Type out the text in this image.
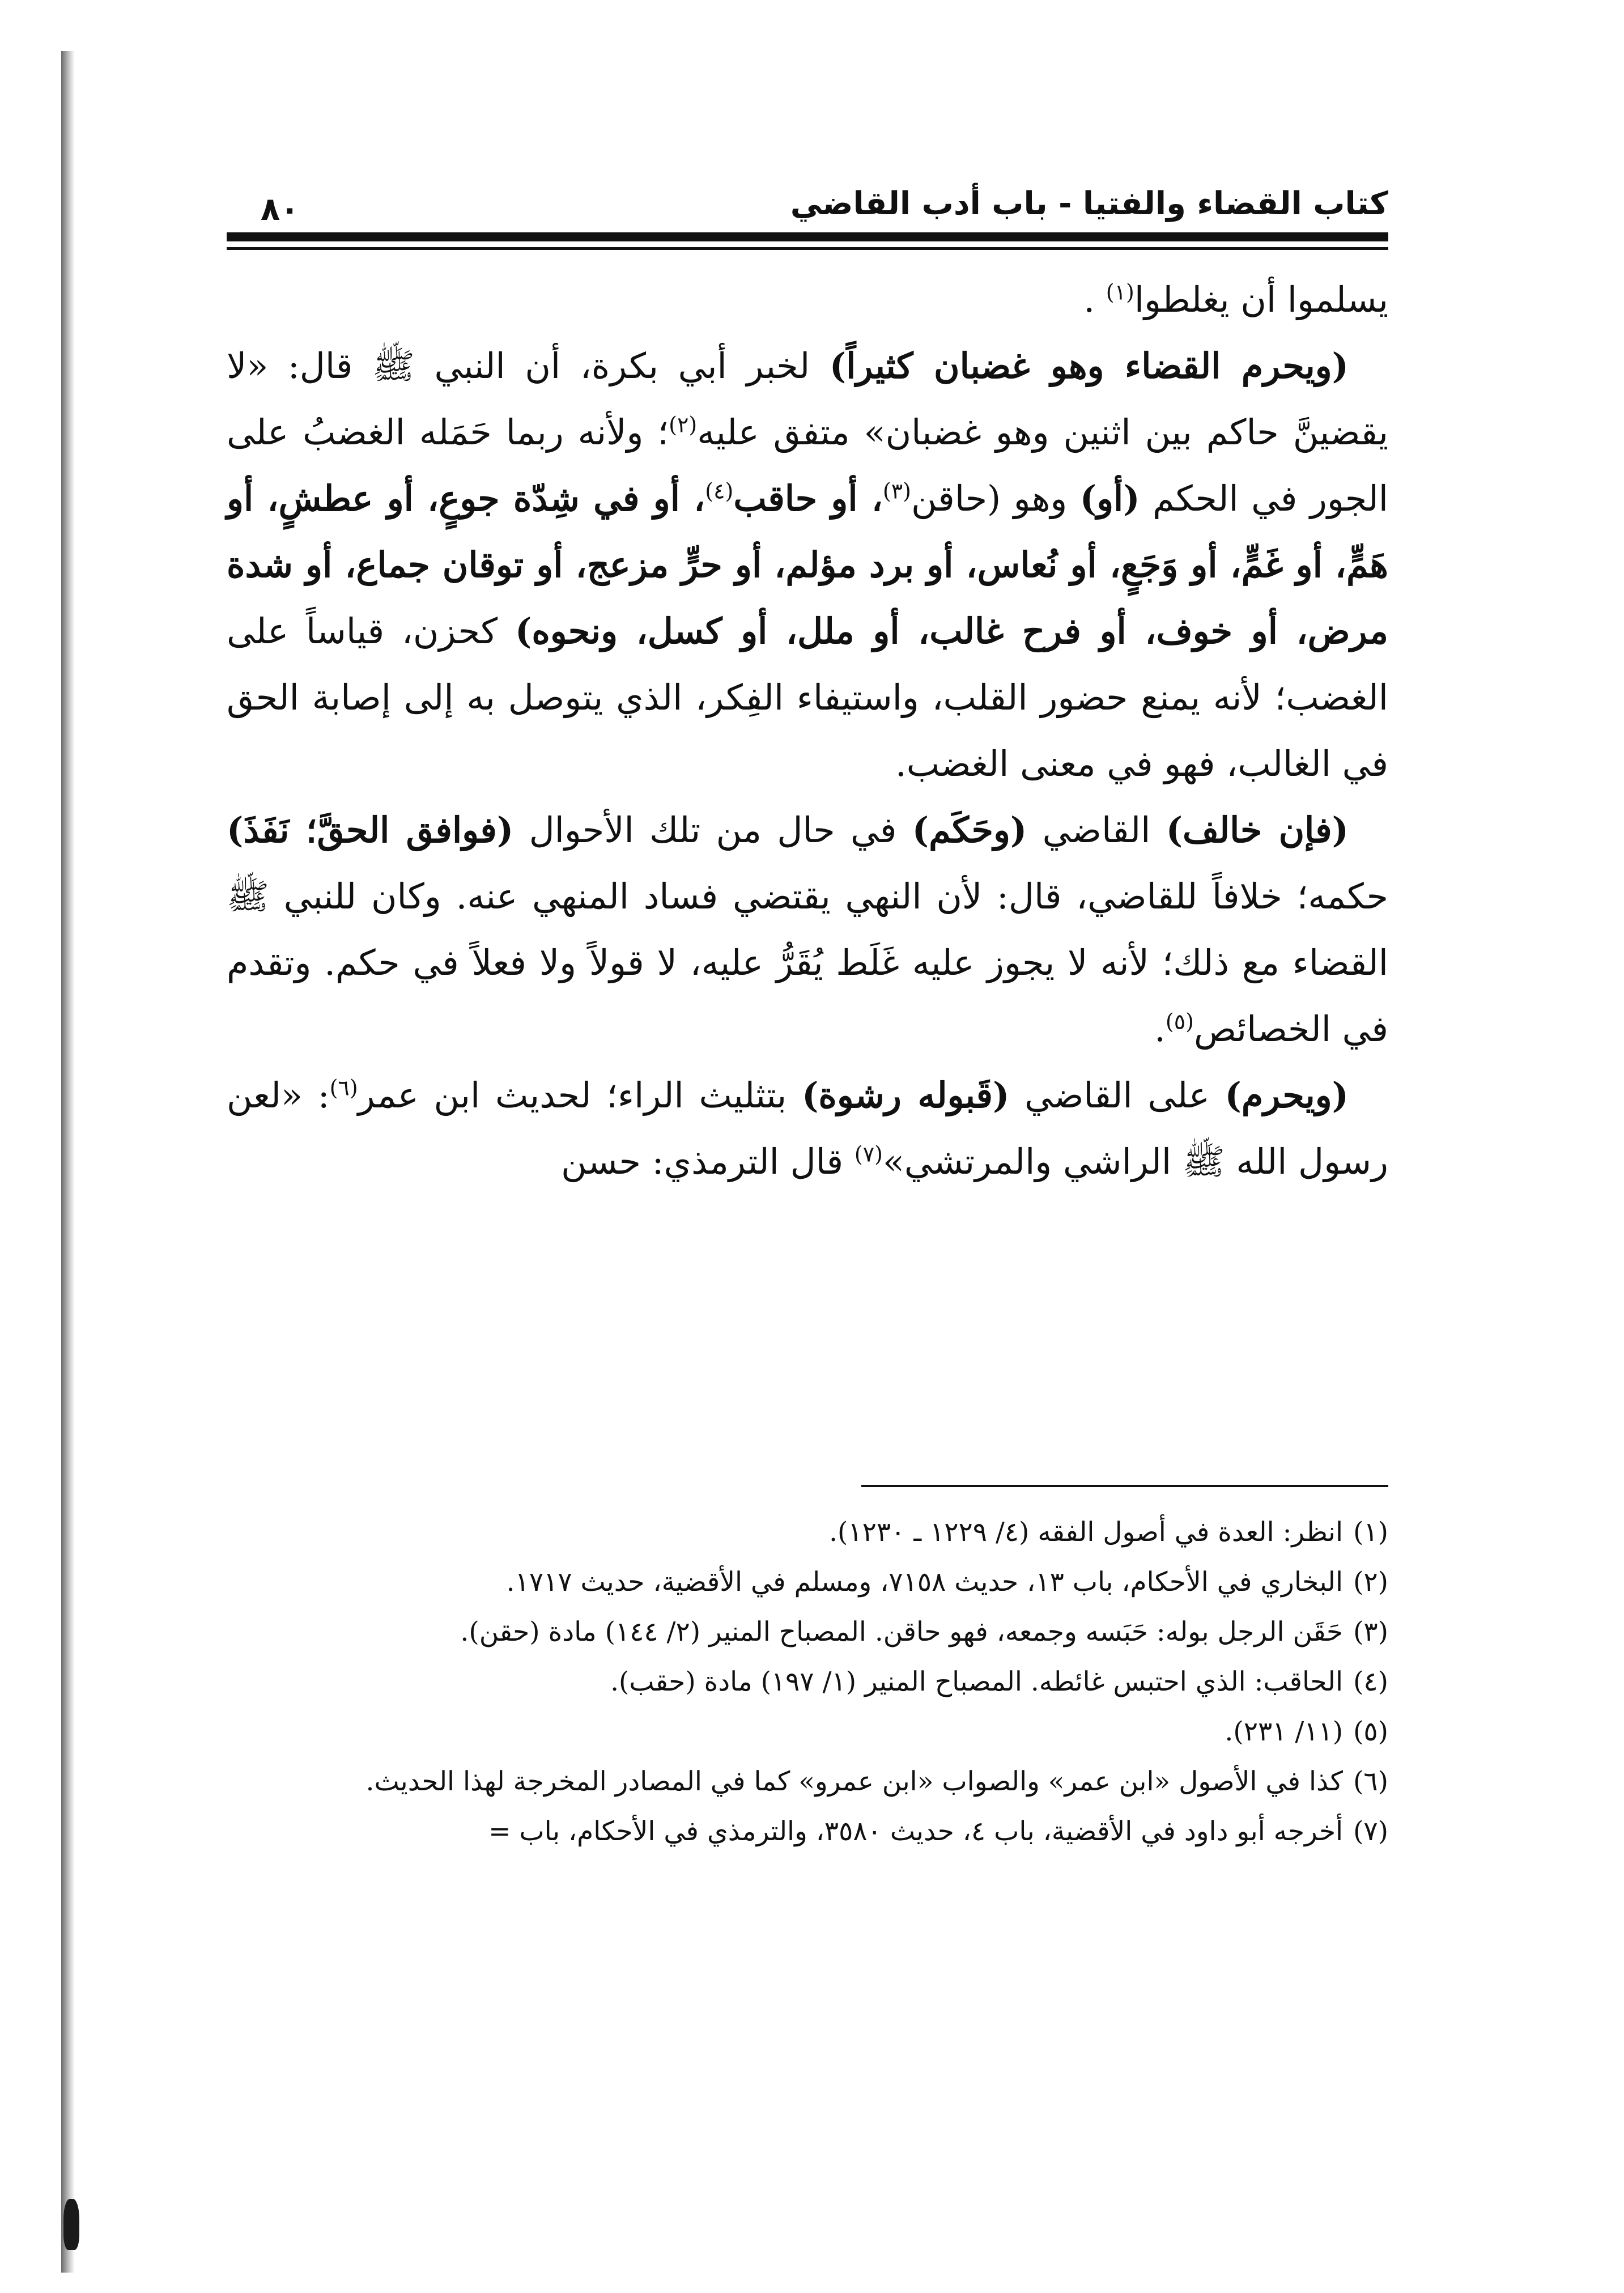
كتاب القضاء والفتيا - باب أدب القاضي
٨٠

يسلموا أن يغلطوا$^{(١)}$ .

(ويحرم القضاء وهو غضبان كثيراً) لخبر أبي بكرة، أن النبي ﷺ قال: «لا يقضينَّ حاكم بين اثنين وهو غضبان» متفق عليه$^{(٢)}$؛ ولأنه ربما حَمَله الغضبُ على الجور في الحكم (أو) وهو (حاقن$^{(٣)}$، أو حاقب$^{(٤)}$، أو في شِدّة جوعٍ، أو عطشٍ، أو هَمٍّ، أو غَمٍّ، أو وَجَعٍ، أو نُعاس، أو برد مؤلم، أو حرٍّ مزعج، أو توقان جماع، أو شدة مرض، أو خوف، أو فرح غالب، أو ملل، أو كسل، ونحوه) كحزن، قياساً على الغضب؛ لأنه يمنع حضور القلب، واستيفاء الفِكر، الذي يتوصل به إلى إصابة الحق في الغالب، فهو في معنى الغضب.

(فإن خالف) القاضي (وحَكَم) في حال من تلك الأحوال (فوافق الحقَّ؛ نَفَذَ) حكمه؛ خلافاً للقاضي، قال: لأن النهي يقتضي فساد المنهي عنه. وكان للنبي ﷺ القضاء مع ذلك؛ لأنه لا يجوز عليه غَلَط يُقَرُّ عليه، لا قولاً ولا فعلاً في حكم. وتقدم في الخصائص$^{(٥)}$.

(ويحرم) على القاضي (قَبوله رشوة) بتثليث الراء؛ لحديث ابن عمر$^{(٦)}$: «لعن رسول الله ﷺ الراشي والمرتشي»$^{(٧)}$ قال الترمذي: حسن

(١)
انظر: العدة في أصول الفقه (٤/ ١٢٢٩ ـ ١٢٣٠).
(٢)
البخاري في الأحكام، باب ١٣، حديث ٧١٥٨، ومسلم في الأقضية، حديث ١٧١٧.
(٣)
حَقَن الرجل بوله: حَبَسه وجمعه، فهو حاقن. المصباح المنير (٢/ ١٤٤) مادة (حقن).
(٤)
الحاقب: الذي احتبس غائطه. المصباح المنير (١/ ١٩٧) مادة (حقب).
(٥)
(١١/ ٢٣١).
(٦)
كذا في الأصول «ابن عمر» والصواب «ابن عمرو» كما في المصادر المخرجة لهذا الحديث.
(٧)
أخرجه أبو داود في الأقضية، باب ٤، حديث ٣٥٨٠، والترمذي في الأحكام، باب =
